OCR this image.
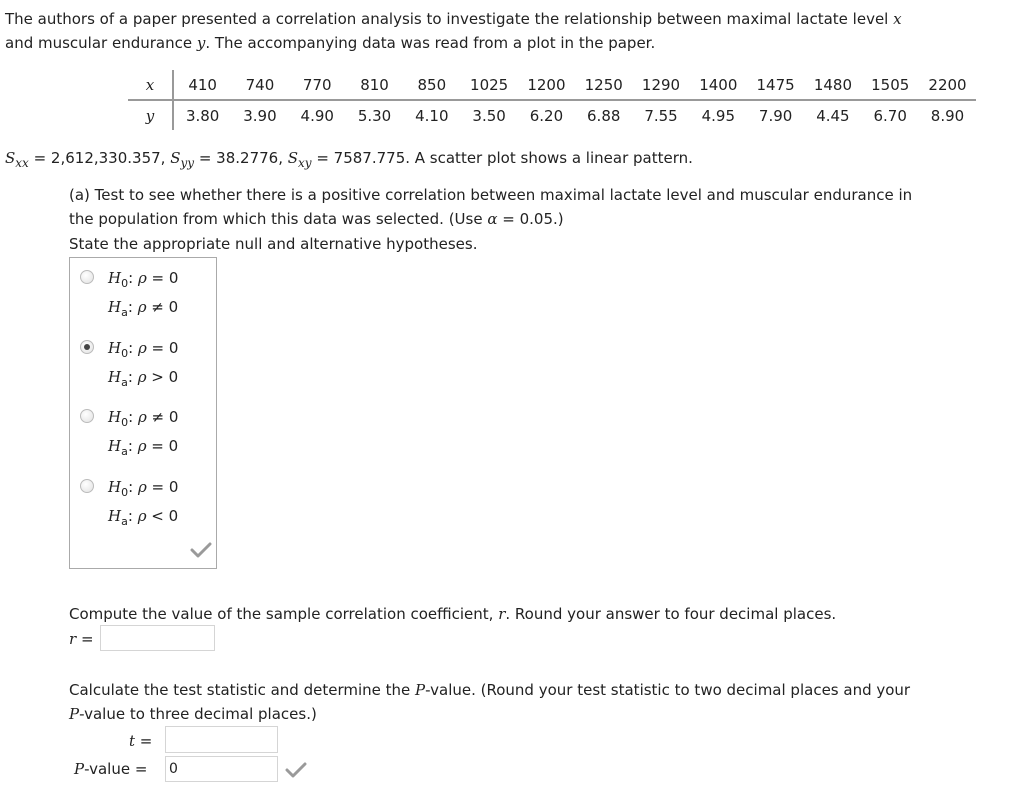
The authors of a paper presented a correlation analysis to investigate the relationship between maximal lactate level x
and muscular endurance y. The accompanying data was read from a plot in the paper.
x	410	740	770	810	850	1025	1200	1250	1290	1400	1475	1480	1505	2200
y	3.80	3.90	4.90	5.30	4.10	3.50	6.20	6.88	7.55	4.95	7.90	4.45	6.70	8.90
$S_{xx} = 2,612,330.357$, $S_{yy} = 38.2776$, $S_{xy} = 7587.775$. A scatter plot shows a linear pattern.
(a) Test to see whether there is a positive correlation between maximal lactate level and muscular endurance in
the population from which this data was selected. (Use α = 0.05.)
State the appropriate null and alternative hypotheses.
$H_0$: ρ = 0
$H_a$: ρ ≠ 0
$H_0$: ρ = 0
$H_a$: ρ > 0
$H_0$: ρ ≠ 0
$H_a$: ρ = 0
$H_0$: ρ = 0
$H_a$: ρ < 0
Compute the value of the sample correlation coefficient, r. Round your answer to four decimal places.
r =
Calculate the test statistic and determine the P-value. (Round your test statistic to two decimal places and your
P-value to three decimal places.)
t =
P-value = 0
